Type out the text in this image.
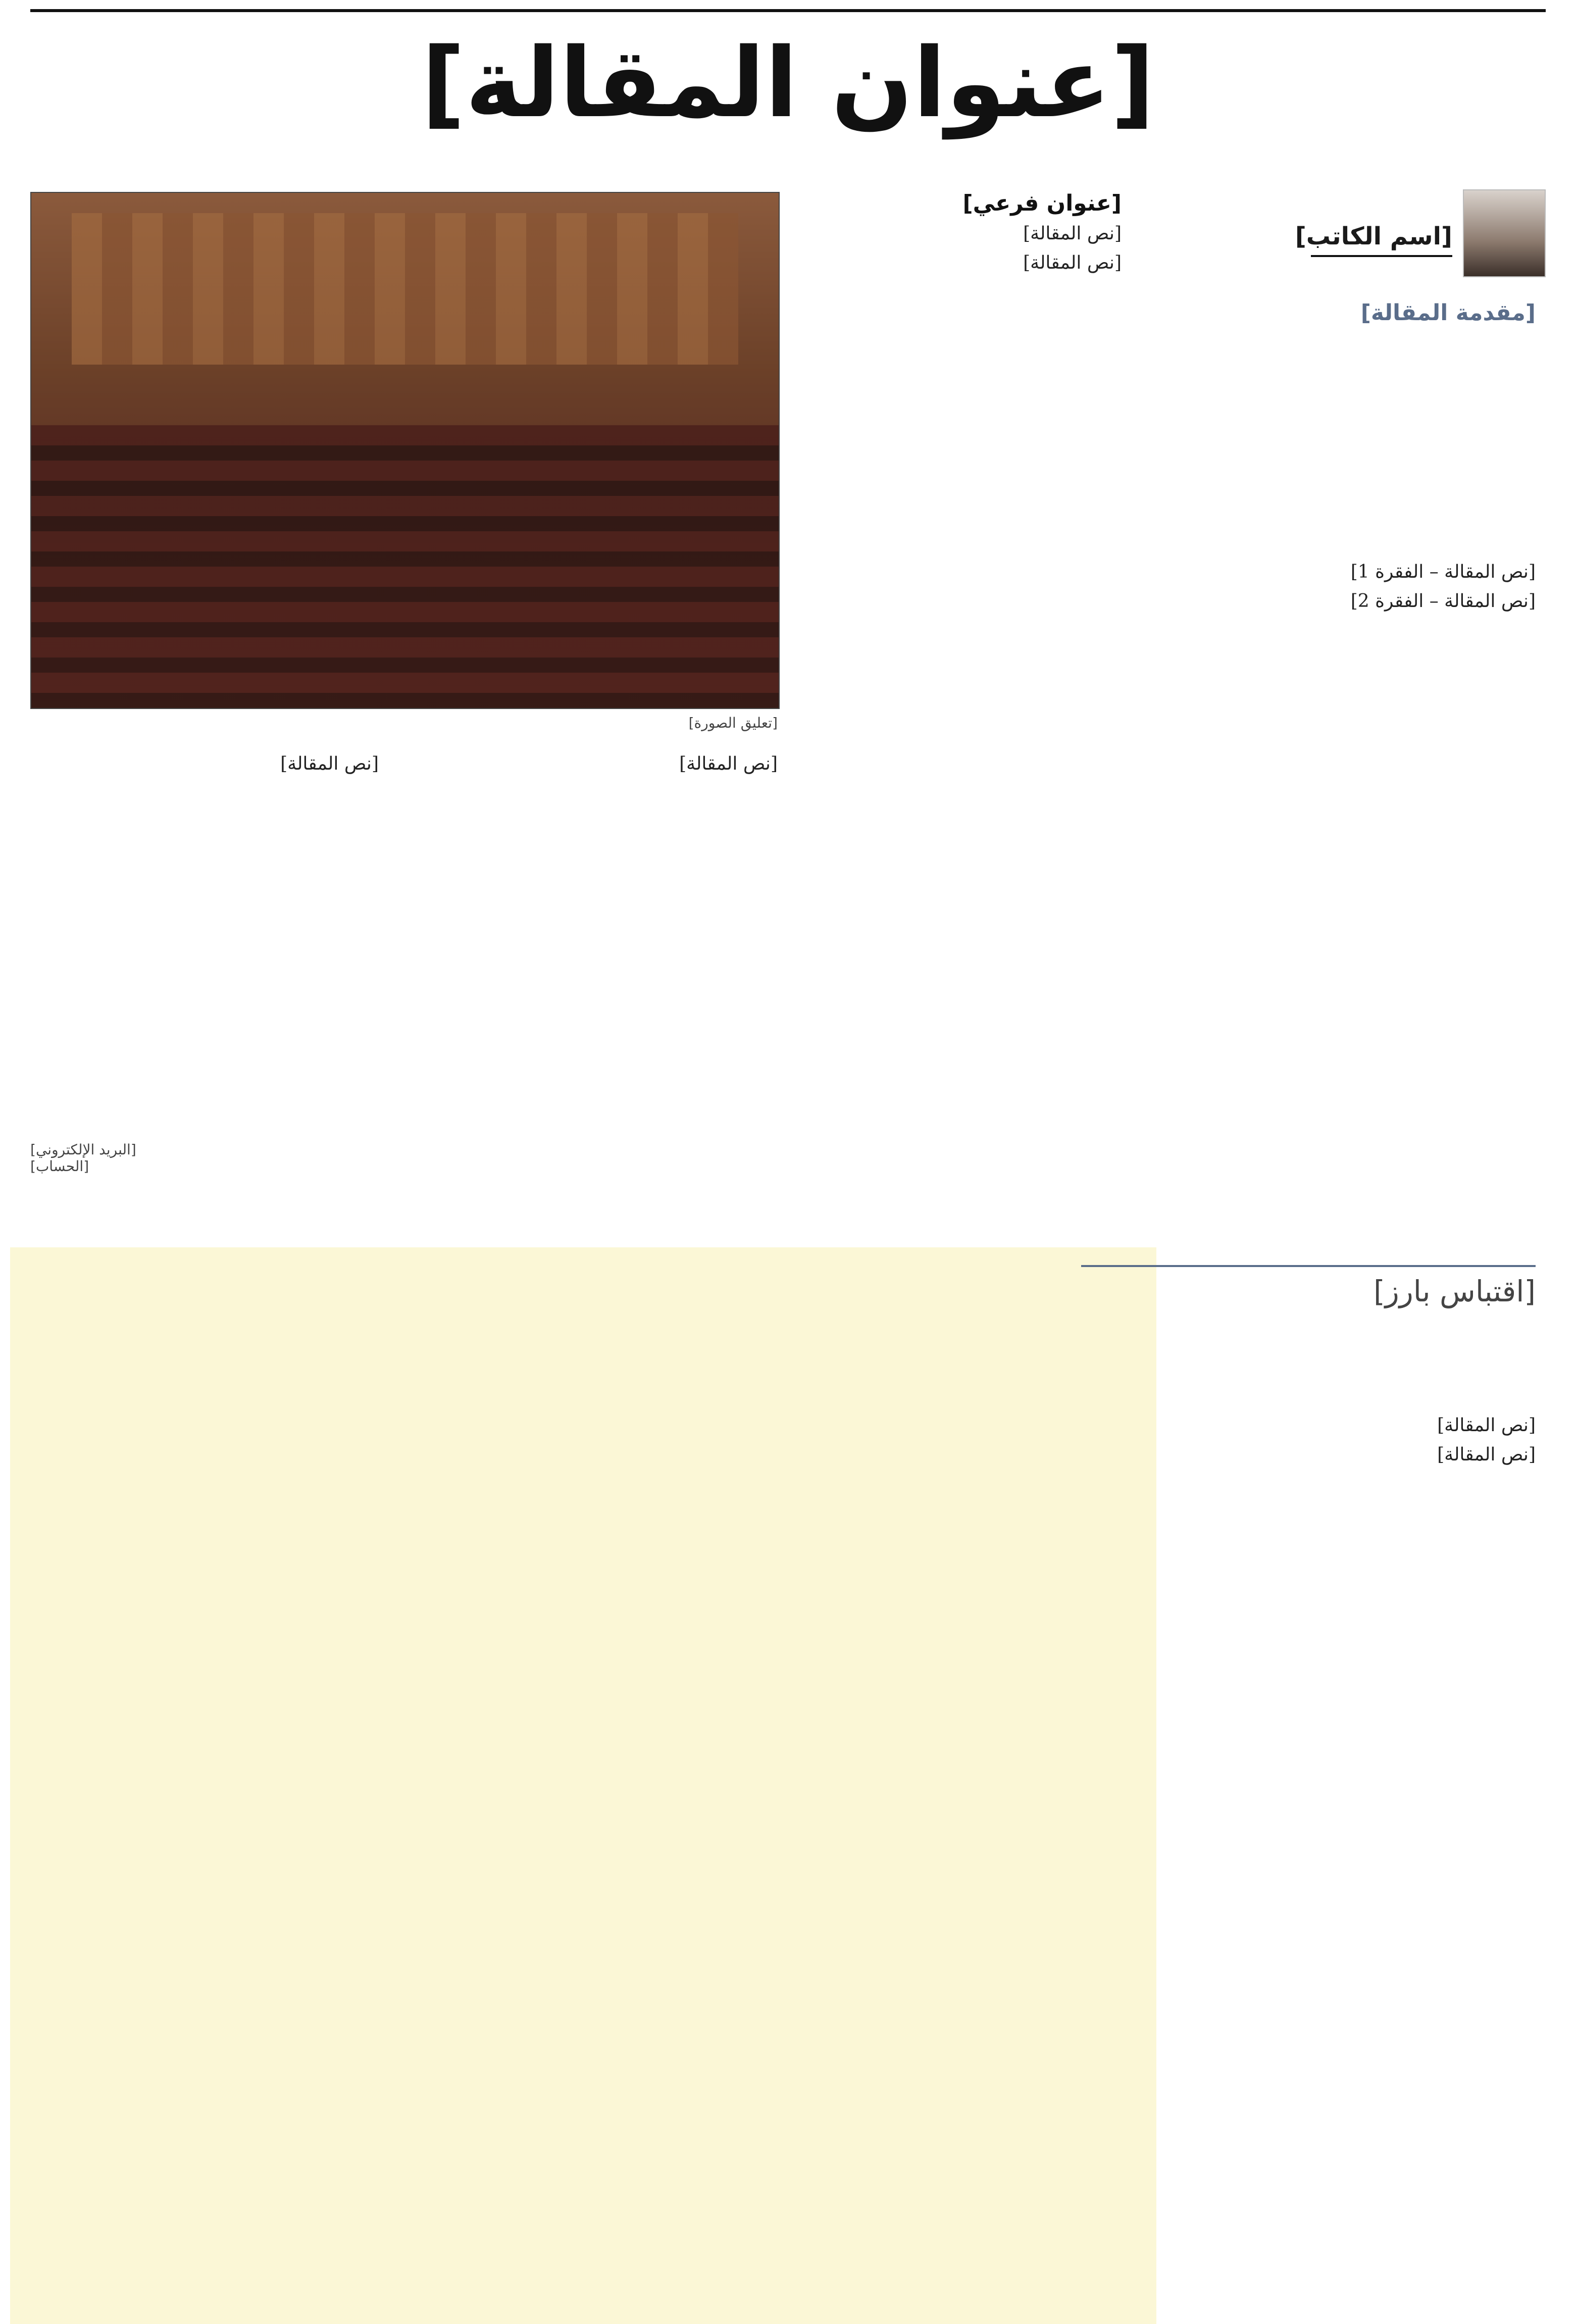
[عنوان المقالة]
[اسم الكاتب]
[مقدمة المقالة]

[نص المقالة – الفقرة 1]

[نص المقالة – الفقرة 2]

[عنوان فرعي]

[نص المقالة]

[نص المقالة]

[تعليق الصورة]

[نص المقالة]

[نص المقالة]

[البريد الإلكتروني]
[الحساب]
[اقتباس بارز]

[نص المقالة]

[نص المقالة]
